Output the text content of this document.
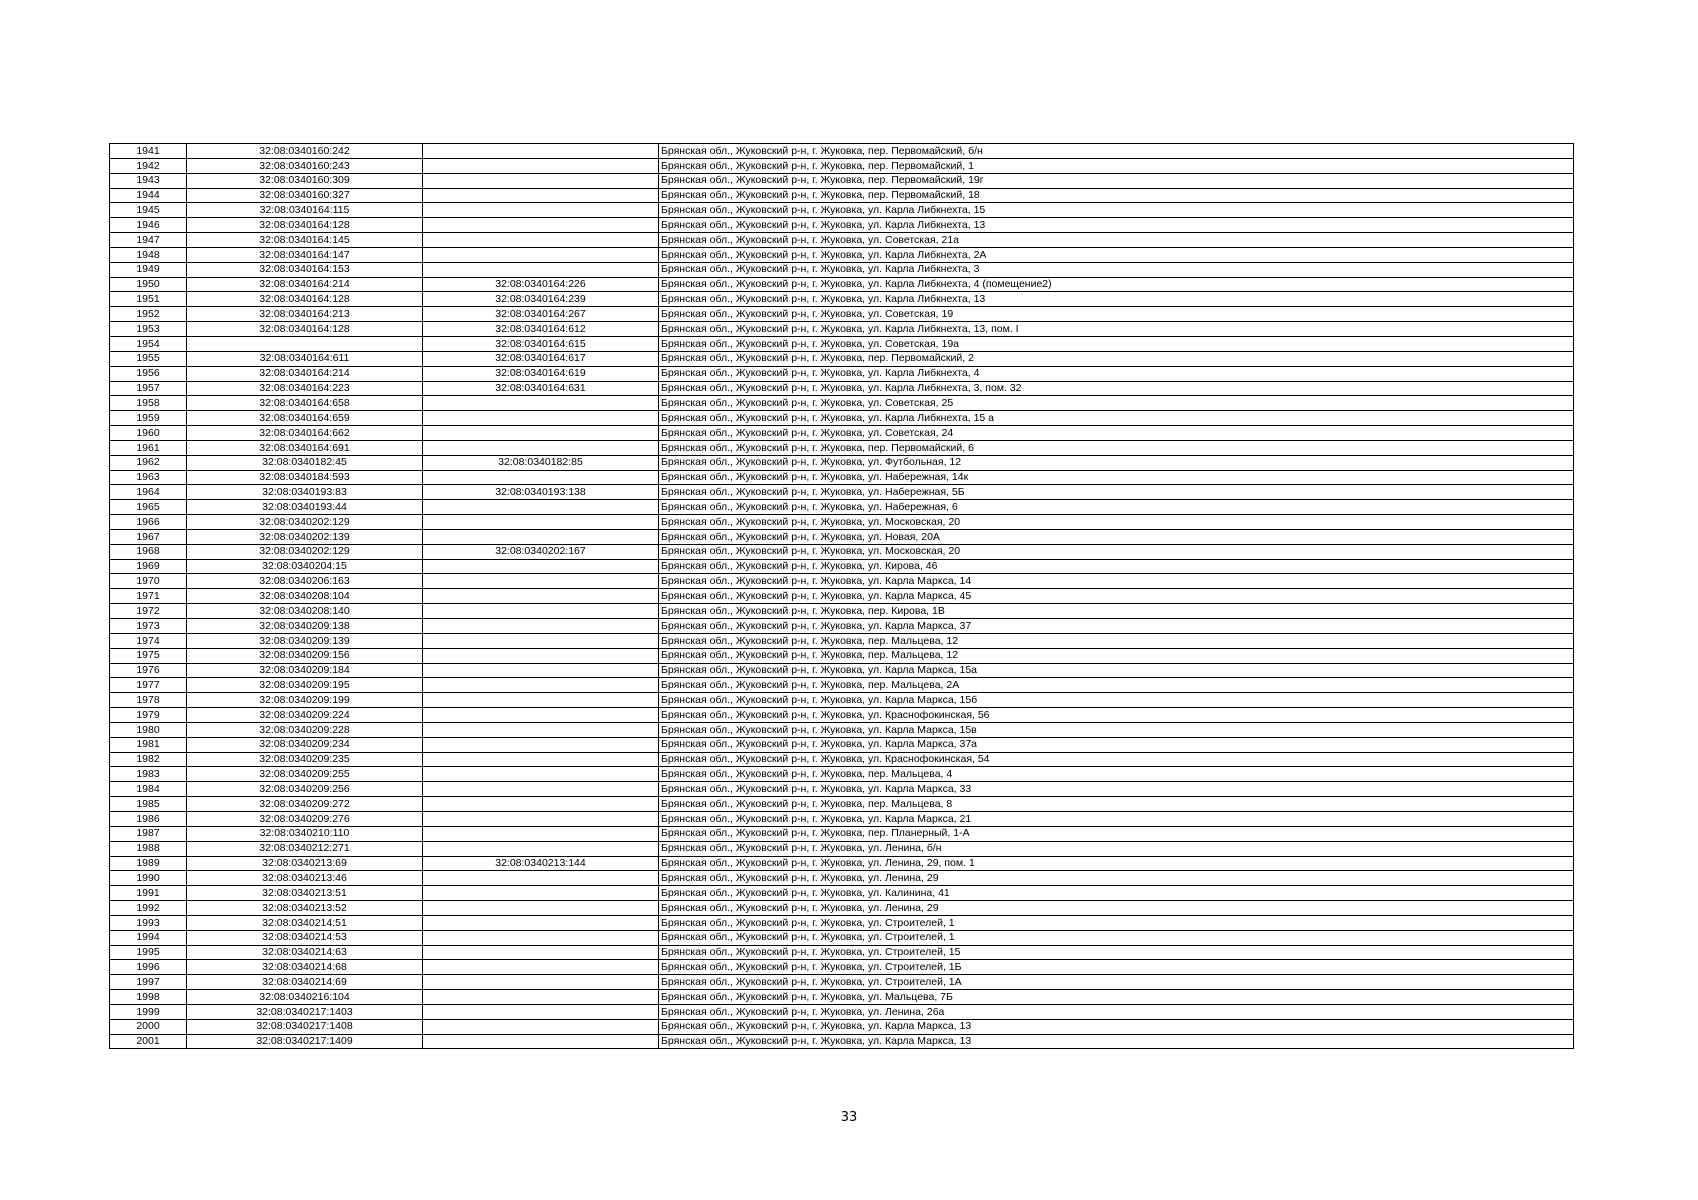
1941	32:08:0340160:242		Брянская обл., Жуковский р-н, г. Жуковка, пер. Первомайский, б/н
1942	32:08:0340160:243		Брянская обл., Жуковский р-н, г. Жуковка, пер. Первомайский, 1
1943	32:08:0340160:309		Брянская обл., Жуковский р-н, г. Жуковка, пер. Первомайский, 19г
1944	32:08:0340160:327		Брянская обл., Жуковский р-н, г. Жуковка, пер. Первомайский, 18
1945	32:08:0340164:115		Брянская обл., Жуковский р-н, г. Жуковка, ул. Карла Либкнехта, 15
1946	32:08:0340164:128		Брянская обл., Жуковский р-н, г. Жуковка, ул. Карла Либкнехта, 13
1947	32:08:0340164:145		Брянская обл., Жуковский р-н, г. Жуковка, ул. Советская, 21а
1948	32:08:0340164:147		Брянская обл., Жуковский р-н, г. Жуковка, ул. Карла Либкнехта, 2А
1949	32:08:0340164:153		Брянская обл., Жуковский р-н, г. Жуковка, ул. Карла Либкнехта, 3
1950	32:08:0340164:214	32:08:0340164:226	Брянская обл., Жуковский р-н, г. Жуковка, ул. Карла Либкнехта, 4 (помещение2)
1951	32:08:0340164:128	32:08:0340164:239	Брянская обл., Жуковский р-н, г. Жуковка, ул. Карла Либкнехта, 13
1952	32:08:0340164:213	32:08:0340164:267	Брянская обл., Жуковский р-н, г. Жуковка, ул. Советская, 19
1953	32:08:0340164:128	32:08:0340164:612	Брянская обл., Жуковский р-н, г. Жуковка, ул. Карла Либкнехта, 13, пом. I
1954		32:08:0340164:615	Брянская обл., Жуковский р-н, г. Жуковка, ул. Советская, 19а
1955	32:08:0340164:611	32:08:0340164:617	Брянская обл., Жуковский р-н, г. Жуковка, пер. Первомайский, 2
1956	32:08:0340164:214	32:08:0340164:619	Брянская обл., Жуковский р-н, г. Жуковка, ул. Карла Либкнехта, 4
1957	32:08:0340164:223	32:08:0340164:631	Брянская обл., Жуковский р-н, г. Жуковка, ул. Карла Либкнехта, 3, пом. 32
1958	32:08:0340164:658		Брянская обл., Жуковский р-н, г. Жуковка, ул. Советская, 25
1959	32:08:0340164:659		Брянская обл., Жуковский р-н, г. Жуковка, ул. Карла Либкнехта, 15 а
1960	32:08:0340164:662		Брянская обл., Жуковский р-н, г. Жуковка, ул. Советская, 24
1961	32:08:0340164:691		Брянская обл., Жуковский р-н, г. Жуковка, пер. Первомайский, 6
1962	32:08:0340182:45	32:08:0340182:85	Брянская обл., Жуковский р-н, г. Жуковка, ул. Футбольная, 12
1963	32:08:0340184:593		Брянская обл., Жуковский р-н, г. Жуковка, ул. Набережная, 14к
1964	32:08:0340193:83	32:08:0340193:138	Брянская обл., Жуковский р-н, г. Жуковка, ул. Набережная, 5Б
1965	32:08:0340193:44		Брянская обл., Жуковский р-н, г. Жуковка, ул. Набережная, 6
1966	32:08:0340202:129		Брянская обл., Жуковский р-н, г. Жуковка, ул. Московская, 20
1967	32:08:0340202:139		Брянская обл., Жуковский р-н, г. Жуковка, ул. Новая, 20А
1968	32:08:0340202:129	32:08:0340202:167	Брянская обл., Жуковский р-н, г. Жуковка, ул. Московская, 20
1969	32:08:0340204:15		Брянская обл., Жуковский р-н, г. Жуковка, ул. Кирова, 46
1970	32:08:0340206:163		Брянская обл., Жуковский р-н, г. Жуковка, ул. Карла Маркса, 14
1971	32:08:0340208:104		Брянская обл., Жуковский р-н, г. Жуковка, ул. Карла Маркса, 45
1972	32:08:0340208:140		Брянская обл., Жуковский р-н, г. Жуковка, пер. Кирова, 1В
1973	32:08:0340209:138		Брянская обл., Жуковский р-н, г. Жуковка, ул. Карла Маркса, 37
1974	32:08:0340209:139		Брянская обл., Жуковский р-н, г. Жуковка, пер. Мальцева, 12
1975	32:08:0340209:156		Брянская обл., Жуковский р-н, г. Жуковка, пер. Мальцева, 12
1976	32:08:0340209:184		Брянская обл., Жуковский р-н, г. Жуковка, ул. Карла Маркса, 15а
1977	32:08:0340209:195		Брянская обл., Жуковский р-н, г. Жуковка, пер. Мальцева, 2А
1978	32:08:0340209:199		Брянская обл., Жуковский р-н, г. Жуковка, ул. Карла Маркса, 15б
1979	32:08:0340209:224		Брянская обл., Жуковский р-н, г. Жуковка, ул. Краснофокинская, 56
1980	32:08:0340209:228		Брянская обл., Жуковский р-н, г. Жуковка, ул. Карла Маркса, 15в
1981	32:08:0340209:234		Брянская обл., Жуковский р-н, г. Жуковка, ул. Карла Маркса, 37а
1982	32:08:0340209:235		Брянская обл., Жуковский р-н, г. Жуковка, ул. Краснофокинская, 54
1983	32:08:0340209:255		Брянская обл., Жуковский р-н, г. Жуковка, пер. Мальцева, 4
1984	32:08:0340209:256		Брянская обл., Жуковский р-н, г. Жуковка, ул. Карла Маркса, 33
1985	32:08:0340209:272		Брянская обл., Жуковский р-н, г. Жуковка, пер. Мальцева, 8
1986	32:08:0340209:276		Брянская обл., Жуковский р-н, г. Жуковка, ул. Карла Маркса, 21
1987	32:08:0340210:110		Брянская обл., Жуковский р-н, г. Жуковка, пер. Планерный, 1-А
1988	32:08:0340212:271		Брянская обл., Жуковский р-н, г. Жуковка, ул. Ленина, б/н
1989	32:08:0340213:69	32:08:0340213:144	Брянская обл., Жуковский р-н, г. Жуковка, ул. Ленина, 29, пом. 1
1990	32:08:0340213:46		Брянская обл., Жуковский р-н, г. Жуковка, ул. Ленина, 29
1991	32:08:0340213:51		Брянская обл., Жуковский р-н, г. Жуковка, ул. Калинина, 41
1992	32:08:0340213:52		Брянская обл., Жуковский р-н, г. Жуковка, ул. Ленина, 29
1993	32:08:0340214:51		Брянская обл., Жуковский р-н, г. Жуковка, ул. Строителей, 1
1994	32:08:0340214:53		Брянская обл., Жуковский р-н, г. Жуковка, ул. Строителей, 1
1995	32:08:0340214:63		Брянская обл., Жуковский р-н, г. Жуковка, ул. Строителей, 15
1996	32:08:0340214:68		Брянская обл., Жуковский р-н, г. Жуковка, ул. Строителей, 1Б
1997	32:08:0340214:69		Брянская обл., Жуковский р-н, г. Жуковка, ул. Строителей, 1А
1998	32:08:0340216:104		Брянская обл., Жуковский р-н, г. Жуковка, ул. Мальцева, 7Б
1999	32:08:0340217:1403		Брянская обл., Жуковский р-н, г. Жуковка, ул. Ленина, 26а
2000	32:08:0340217:1408		Брянская обл., Жуковский р-н, г. Жуковка, ул. Карла Маркса, 13
2001	32:08:0340217:1409		Брянская обл., Жуковский р-н, г. Жуковка, ул. Карла Маркса, 13
33
